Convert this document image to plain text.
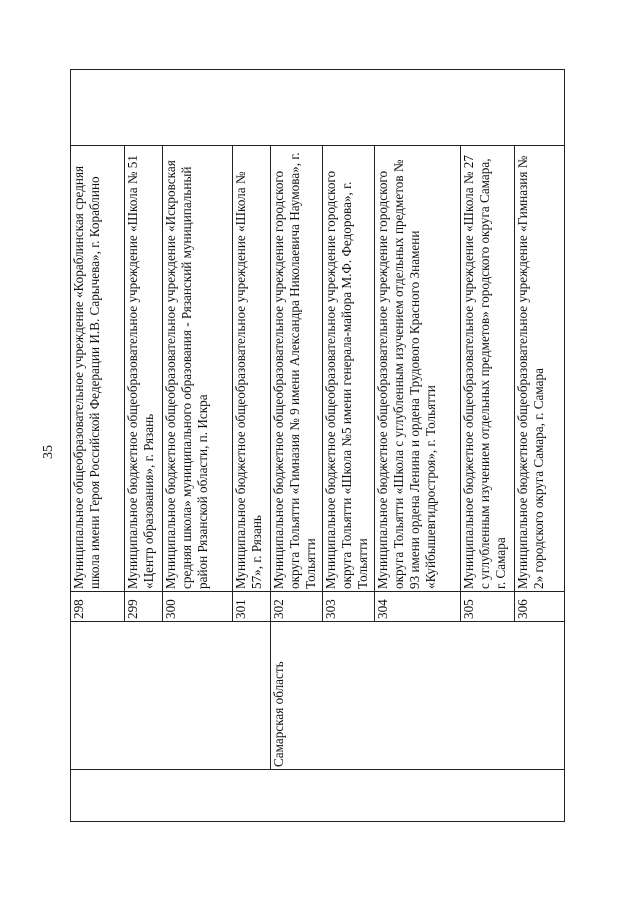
35
		298	Муниципальное общеобразовательное учреждение «Кораблинская средняя школа имени Героя Российской Федерации И.В. Сарычева», г. Кораблино	
		299	Муниципальное бюджетное общеобразовательное учреждение «Школа № 51 «Центр образования», г. Рязань	
		300	Муниципальное бюджетное общеобразовательное учреждение «Искровская средняя школа» муниципального образования - Рязанский муниципальный район Рязанской области, п. Искра	
		301	Муниципальное бюджетное общеобразовательное учреждение «Школа № 57», г. Рязань	
	Самарская область	302	Муниципальное бюджетное общеобразовательное учреждение городского округа Тольятти «Гимназия № 9 имени Александра Николаевича Наумова», г. Тольятти	
		303	Муниципальное бюджетное общеобразовательное учреждение городского округа Тольятти «Школа №5 имени генерала-майора М.Ф. Федорова», г. Тольятти	
		304	Муниципальное бюджетное общеобразовательное учреждение городского округа Тольятти «Школа с углубленным изучением отдельных предметов № 93 имени ордена Ленина и ордена Трудового Красного Знамени «Куйбышевгидростроя», г. Тольятти	
		305	Муниципальное бюджетное общеобразовательное учреждение «Школа № 27 с углубленным изучением отдельных предметов» городского округа Самара, г. Самара	
		306	Муниципальное бюджетное общеобразовательное учреждение «Гимназия № 2» городского округа Самара, г. Самара	
